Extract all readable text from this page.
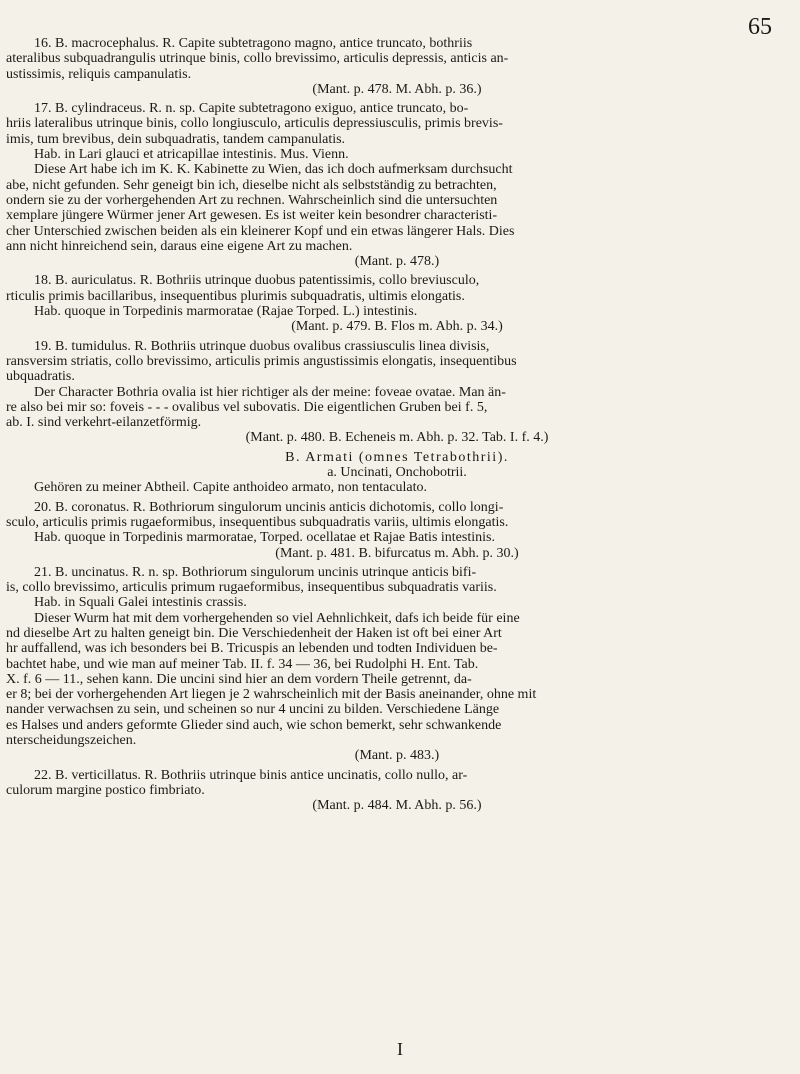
65

16. B. macrocephalus. R. Capite subtetragono magno, antice truncato, bothriis

ateralibus subquadrangulis utrinque binis, collo brevissimo, articulis depressis, anticis an-

ustissimis, reliquis campanulatis.

(Mant. p. 478. M. Abh. p. 36.)

17. B. cylindraceus. R. n. sp. Capite subtetragono exiguo, antice truncato, bo-

hriis lateralibus utrinque binis, collo longiusculo, articulis depressiusculis, primis brevis-

imis, tum brevibus, dein subquadratis, tandem campanulatis.

Hab. in Lari glauci et atricapillae intestinis. Mus. Vienn.

Diese Art habe ich im K. K. Kabinette zu Wien, das ich doch aufmerksam durchsucht

abe, nicht gefunden. Sehr geneigt bin ich, dieselbe nicht als selbstständig zu betrachten,

ondern sie zu der vorhergehenden Art zu rechnen. Wahrscheinlich sind die untersuchten

xemplare jüngere Würmer jener Art gewesen. Es ist weiter kein besondrer characteristi-

cher Unterschied zwischen beiden als ein kleinerer Kopf und ein etwas längerer Hals. Dies

ann nicht hinreichend sein, daraus eine eigene Art zu machen.

(Mant. p. 478.)

18. B. auriculatus. R. Bothriis utrinque duobus patentissimis, collo breviusculo,

rticulis primis bacillaribus, insequentibus plurimis subquadratis, ultimis elongatis.

Hab. quoque in Torpedinis marmoratae (Rajae Torped. L.) intestinis.

(Mant. p. 479. B. Flos m. Abh. p. 34.)

19. B. tumidulus. R. Bothriis utrinque duobus ovalibus crassiusculis linea divisis,

ransversim striatis, collo brevissimo, articulis primis angustissimis elongatis, insequentibus

ubquadratis.

Der Character Bothria ovalia ist hier richtiger als der meine: foveae ovatae. Man än-

re also bei mir so: foveis - - - ovalibus vel subovatis. Die eigentlichen Gruben bei f. 5,

ab. I. sind verkehrt-eilanzetförmig.

(Mant. p. 480. B. Echeneis m. Abh. p. 32. Tab. I. f. 4.)

B. Armati (omnes Tetrabothrii).

a. Uncinati, Onchobotrii.

Gehören zu meiner Abtheil. Capite anthoideo armato, non tentaculato.

20. B. coronatus. R. Bothriorum singulorum uncinis anticis dichotomis, collo longi-

sculo, articulis primis rugaeformibus, insequentibus subquadratis variis, ultimis elongatis.

Hab. quoque in Torpedinis marmoratae, Torped. ocellatae et Rajae Batis intestinis.

(Mant. p. 481. B. bifurcatus m. Abh. p. 30.)

21. B. uncinatus. R. n. sp. Bothriorum singulorum uncinis utrinque anticis bifi-

is, collo brevissimo, articulis primum rugaeformibus, insequentibus subquadratis variis.

Hab. in Squali Galei intestinis crassis.

Dieser Wurm hat mit dem vorhergehenden so viel Aehnlichkeit, dafs ich beide für eine

nd dieselbe Art zu halten geneigt bin. Die Verschiedenheit der Haken ist oft bei einer Art

hr auffallend, was ich besonders bei B. Tricuspis an lebenden und todten Individuen be-

bachtet habe, und wie man auf meiner Tab. II. f. 34 — 36, bei Rudolphi H. Ent. Tab.

X. f. 6 — 11., sehen kann. Die uncini sind hier an dem vordern Theile getrennt, da-

er 8; bei der vorhergehenden Art liegen je 2 wahrscheinlich mit der Basis aneinander, ohne mit

nander verwachsen zu sein, und scheinen so nur 4 uncini zu bilden. Verschiedene Länge

es Halses und anders geformte Glieder sind auch, wie schon bemerkt, sehr schwankende

nterscheidungszeichen.

(Mant. p. 483.)

22. B. verticillatus. R. Bothriis utrinque binis antice uncinatis, collo nullo, ar-

culorum margine postico fimbriato.

(Mant. p. 484. M. Abh. p. 56.)

I
